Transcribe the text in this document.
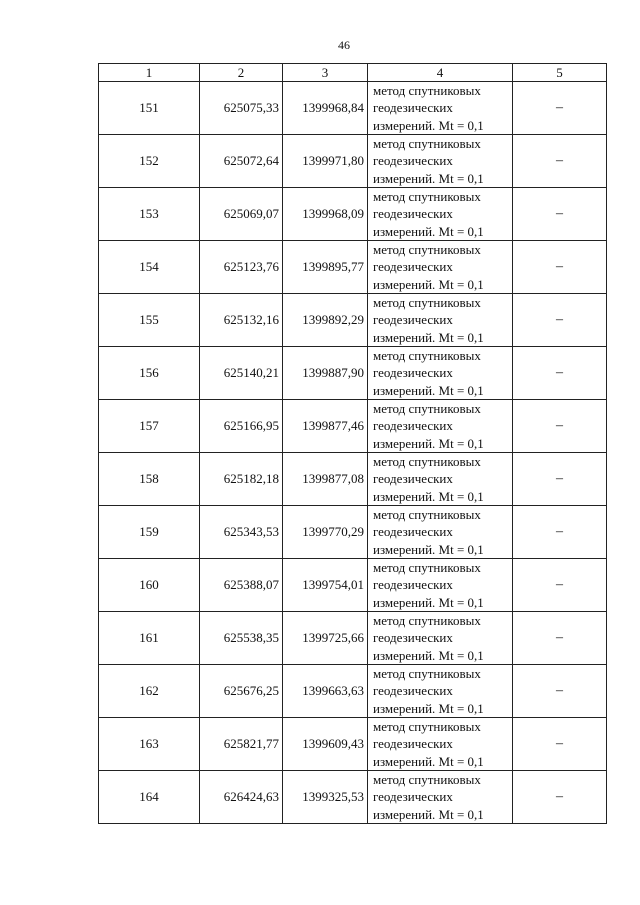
46
1	2	3	4	5
151	625075,33	1399968,84	метод спутниковых геодезических измерений. Mt = 0,1	–
152	625072,64	1399971,80	метод спутниковых геодезических измерений. Mt = 0,1	–
153	625069,07	1399968,09	метод спутниковых геодезических измерений. Mt = 0,1	–
154	625123,76	1399895,77	метод спутниковых геодезических измерений. Mt = 0,1	–
155	625132,16	1399892,29	метод спутниковых геодезических измерений. Mt = 0,1	–
156	625140,21	1399887,90	метод спутниковых геодезических измерений. Mt = 0,1	–
157	625166,95	1399877,46	метод спутниковых геодезических измерений. Mt = 0,1	–
158	625182,18	1399877,08	метод спутниковых геодезических измерений. Mt = 0,1	–
159	625343,53	1399770,29	метод спутниковых геодезических измерений. Mt = 0,1	–
160	625388,07	1399754,01	метод спутниковых геодезических измерений. Mt = 0,1	–
161	625538,35	1399725,66	метод спутниковых геодезических измерений. Mt = 0,1	–
162	625676,25	1399663,63	метод спутниковых геодезических измерений. Mt = 0,1	–
163	625821,77	1399609,43	метод спутниковых геодезических измерений. Mt = 0,1	–
164	626424,63	1399325,53	метод спутниковых геодезических измерений. Mt = 0,1	–
